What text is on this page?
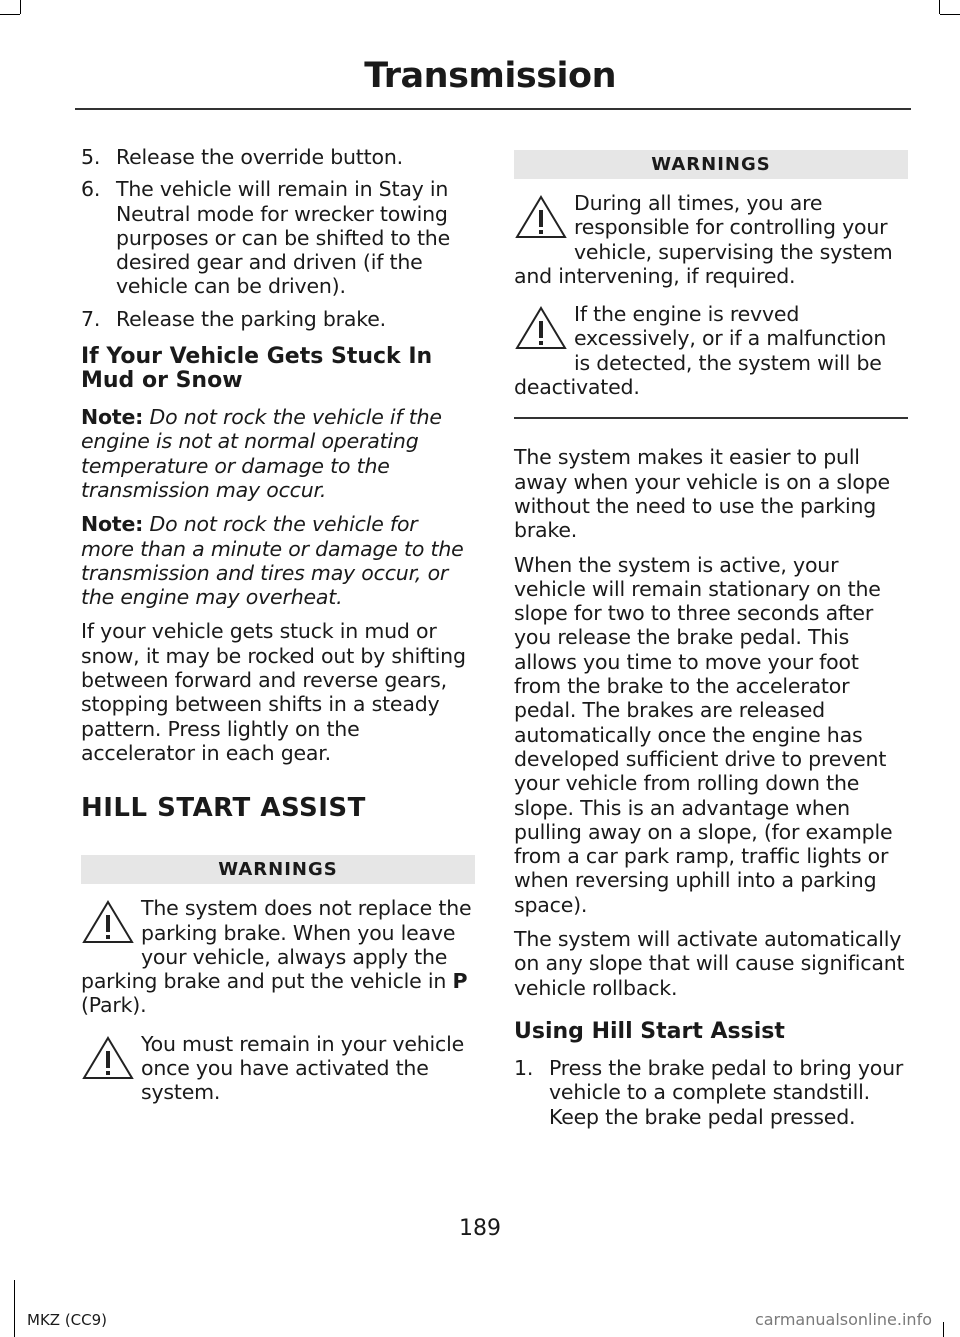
Transmission
5. Release the override button.
6. The vehicle will remain in Stay in Neutral mode for wrecker towing purposes or can be shifted to the desired gear and driven (if the vehicle can be driven).
7. Release the parking brake.
If Your Vehicle Gets Stuck In Mud or Snow

Note: Do not rock the vehicle if the engine is not at normal operating temperature or damage to the transmission may occur.

Note: Do not rock the vehicle for more than a minute or damage to the transmission and tires may occur, or the engine may overheat.

If your vehicle gets stuck in mud or snow, it may be rocked out by shifting between forward and reverse gears, stopping between shifts in a steady pattern. Press lightly on the accelerator in each gear.

HILL START ASSIST
WARNINGS

The system does not replace the parking brake. When you leave your vehicle, always apply the parking brake and put the vehicle in P (Park).

You must remain in your vehicle once you have activated the system.

WARNINGS

During all times, you are responsible for controlling your vehicle, supervising the system and intervening, if required.

If the engine is revved excessively, or if a malfunction is detected, the system will be deactivated.

The system makes it easier to pull away when your vehicle is on a slope without the need to use the parking brake.

When the system is active, your vehicle will remain stationary on the slope for two to three seconds after you release the brake pedal. This allows you time to move your foot from the brake to the accelerator pedal. The brakes are released automatically once the engine has developed sufficient drive to prevent your vehicle from rolling down the slope. This is an advantage when pulling away on a slope, (for example from a car park ramp, traffic lights or when reversing uphill into a parking space).

The system will activate automatically on any slope that will cause significant vehicle rollback.

Using Hill Start Assist
1. Press the brake pedal to bring your vehicle to a complete standstill. Keep the brake pedal pressed.
189
MKZ (CC9)	carmanualsonline.info
